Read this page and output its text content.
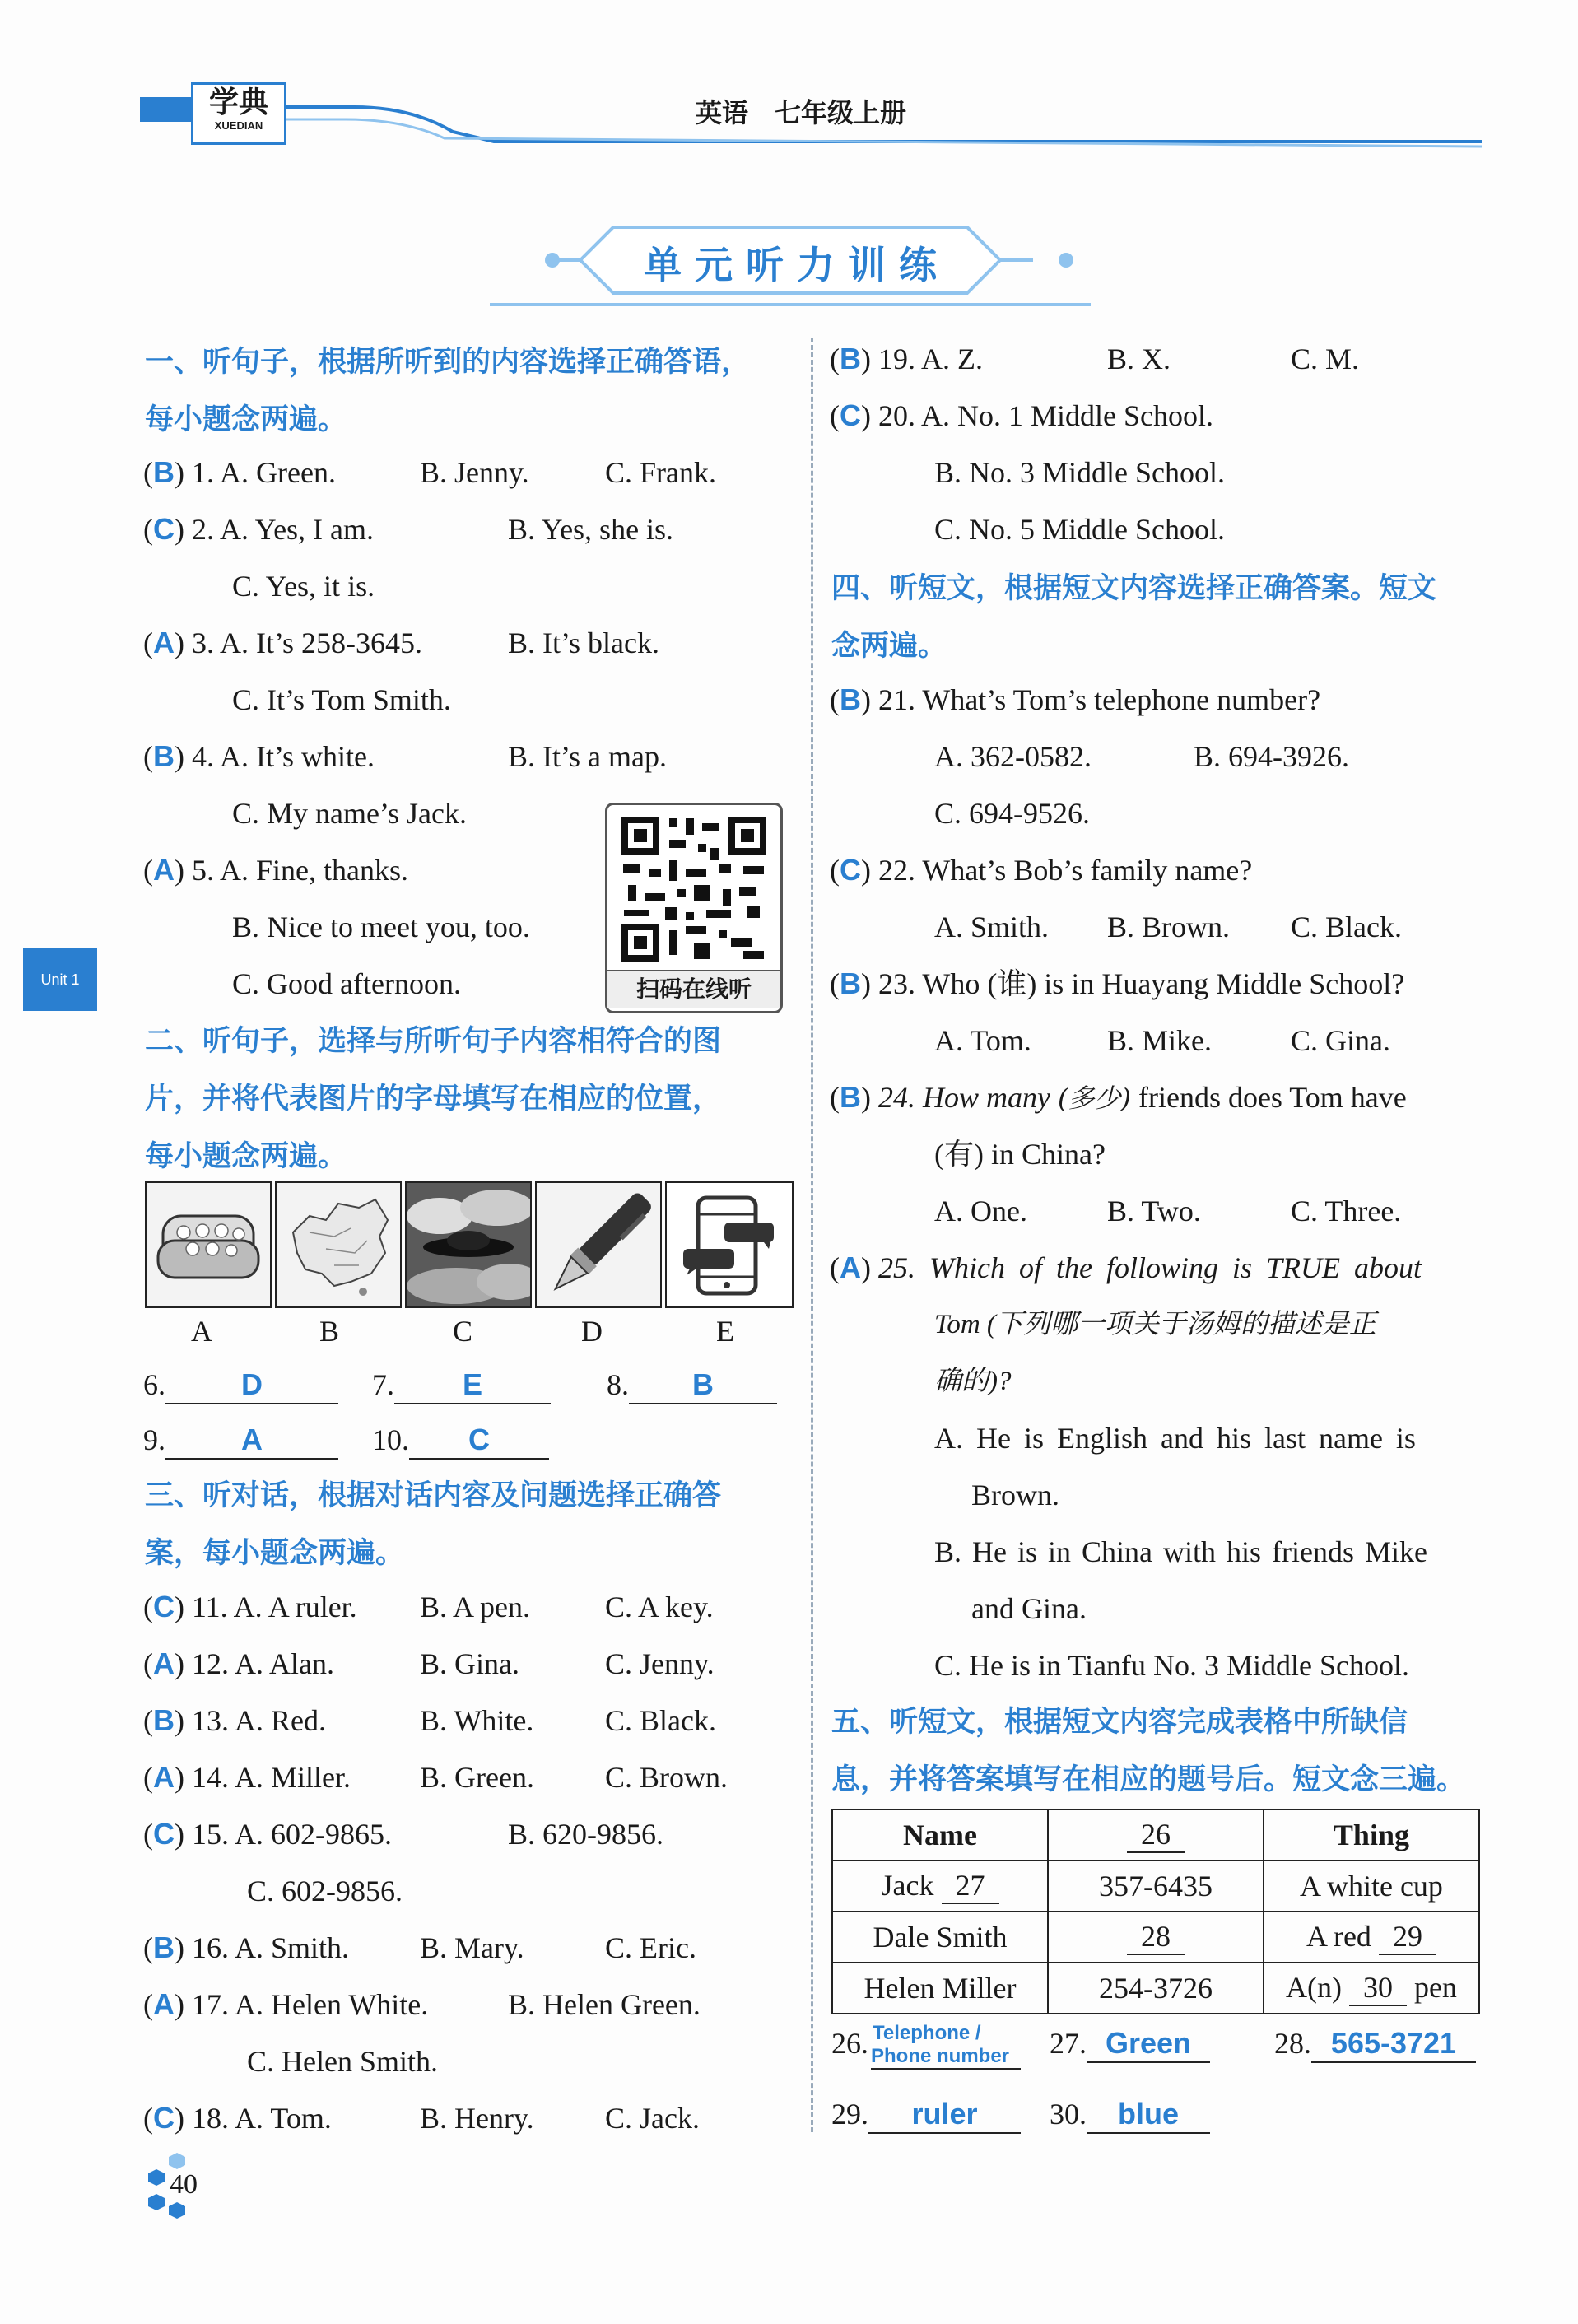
学典
XUEDIAN	英语　七年级上册
单 元 听 力 训 练
Unit 1
一、听句子，根据所听到的内容选择正确答语，
每小题念两遍。
(B) 1. A. Green.	B. Jenny.	C. Frank.
(C) 2. A. Yes, I am.	B. Yes, she is.
C. Yes, it is.
(A) 3. A. It’s 258-3645.	B. It’s black.
C. It’s Tom Smith.
(B) 4. A. It’s white.	B. It’s a map.
C. My name’s Jack.
(A) 5. A. Fine, thanks.
B. Nice to meet you, too.
C. Good afternoon.	扫码在线听
二、听句子，选择与所听句子内容相符合的图
片，并将代表图片的字母填写在相应的位置，
每小题念两遍。
A	B	C	D	E
6.	D	7. E	8. B
9.	A	10. C
三、听对话，根据对话内容及问题选择正确答
案，每小题念两遍。
(C) 11. A. A ruler. B. A pen.	C. A key.
(A) 12. A. Alan.	B. Gina.	C. Jenny.
(B) 13. A. Red.	B. White. C. Black.
(A) 14. A. Miller. B. Green. C. Brown.
(C) 15. A. 602-9865.	B. 620-9856.
C. 602-9856.
(B) 16. A. Smith. B. Mary.	C. Eric.
(A) 17. A. Helen White.	B. Helen Green.
C. Helen Smith.
(C) 18. A. Tom.	B. Henry. C. Jack.
(B) 19. A. Z.	B. X.	C. M.
(C) 20. A. No. 1 Middle School.
B. No. 3 Middle School.
C. No. 5 Middle School.
四、听短文，根据短文内容选择正确答案。短文
念两遍。
(B) 21. What’s Tom’s telephone number?
A. 362-0582.	B. 694-3926.
C. 694-9526.
(C) 22. What’s Bob’s family name?
A. Smith. B. Brown. C. Black.
(B) 23. Who (谁) is in Huayang Middle School?
A. Tom.	B. Mike.	C. Gina.
(B) 24. How many (多少) friends does Tom have
(有) in China?
A. One.	B. Two.	C. Three.
(A) 25. Which of the following is TRUE about
Tom (下列哪一项关于汤姆的描述是正
确的)?
A. He is English and his last name is
Brown.
B. He is in China with his friends Mike
and Gina.
C. He is in Tianfu No. 3 Middle School.
五、听短文，根据短文内容完成表格中所缺信
息，并将答案填写在相应的题号后。短文念三遍。
Name	26	Thing
Jack 27	357-6435	A white cup
Dale Smith	28	A red 29
Helen Miller	254-3726	A(n) 30 pen
26. Telephone /
Phone number	27. Green	28. 565-3721
29. ruler	30. blue
40
